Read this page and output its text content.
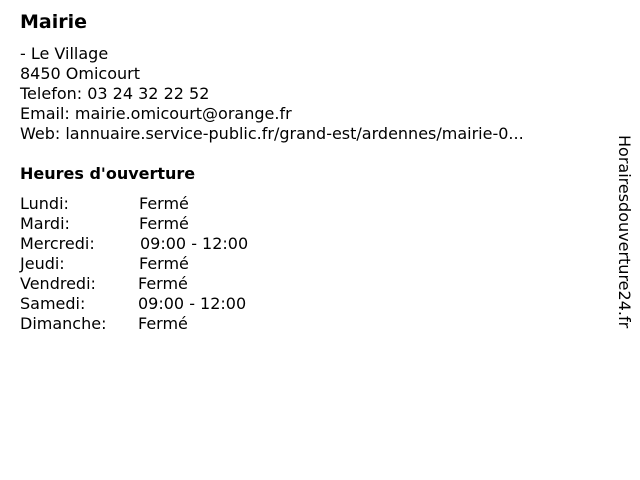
Mairie
- Le Village
8450 Omicourt
Telefon: 03 24 32 22 52
Email: mairie.omicourt@orange.fr
Web: lannuaire.service-public.fr/grand-est/ardennes/mairie-0...
Heures d'ouverture
Lundi:	Fermé
Mardi:	Fermé
Mercredi:	09:00 - 12:00
Jeudi:	Fermé
Vendredi:	Fermé
Samedi:	09:00 - 12:00
Dimanche: Fermé	Horairesdouverture24.fr
